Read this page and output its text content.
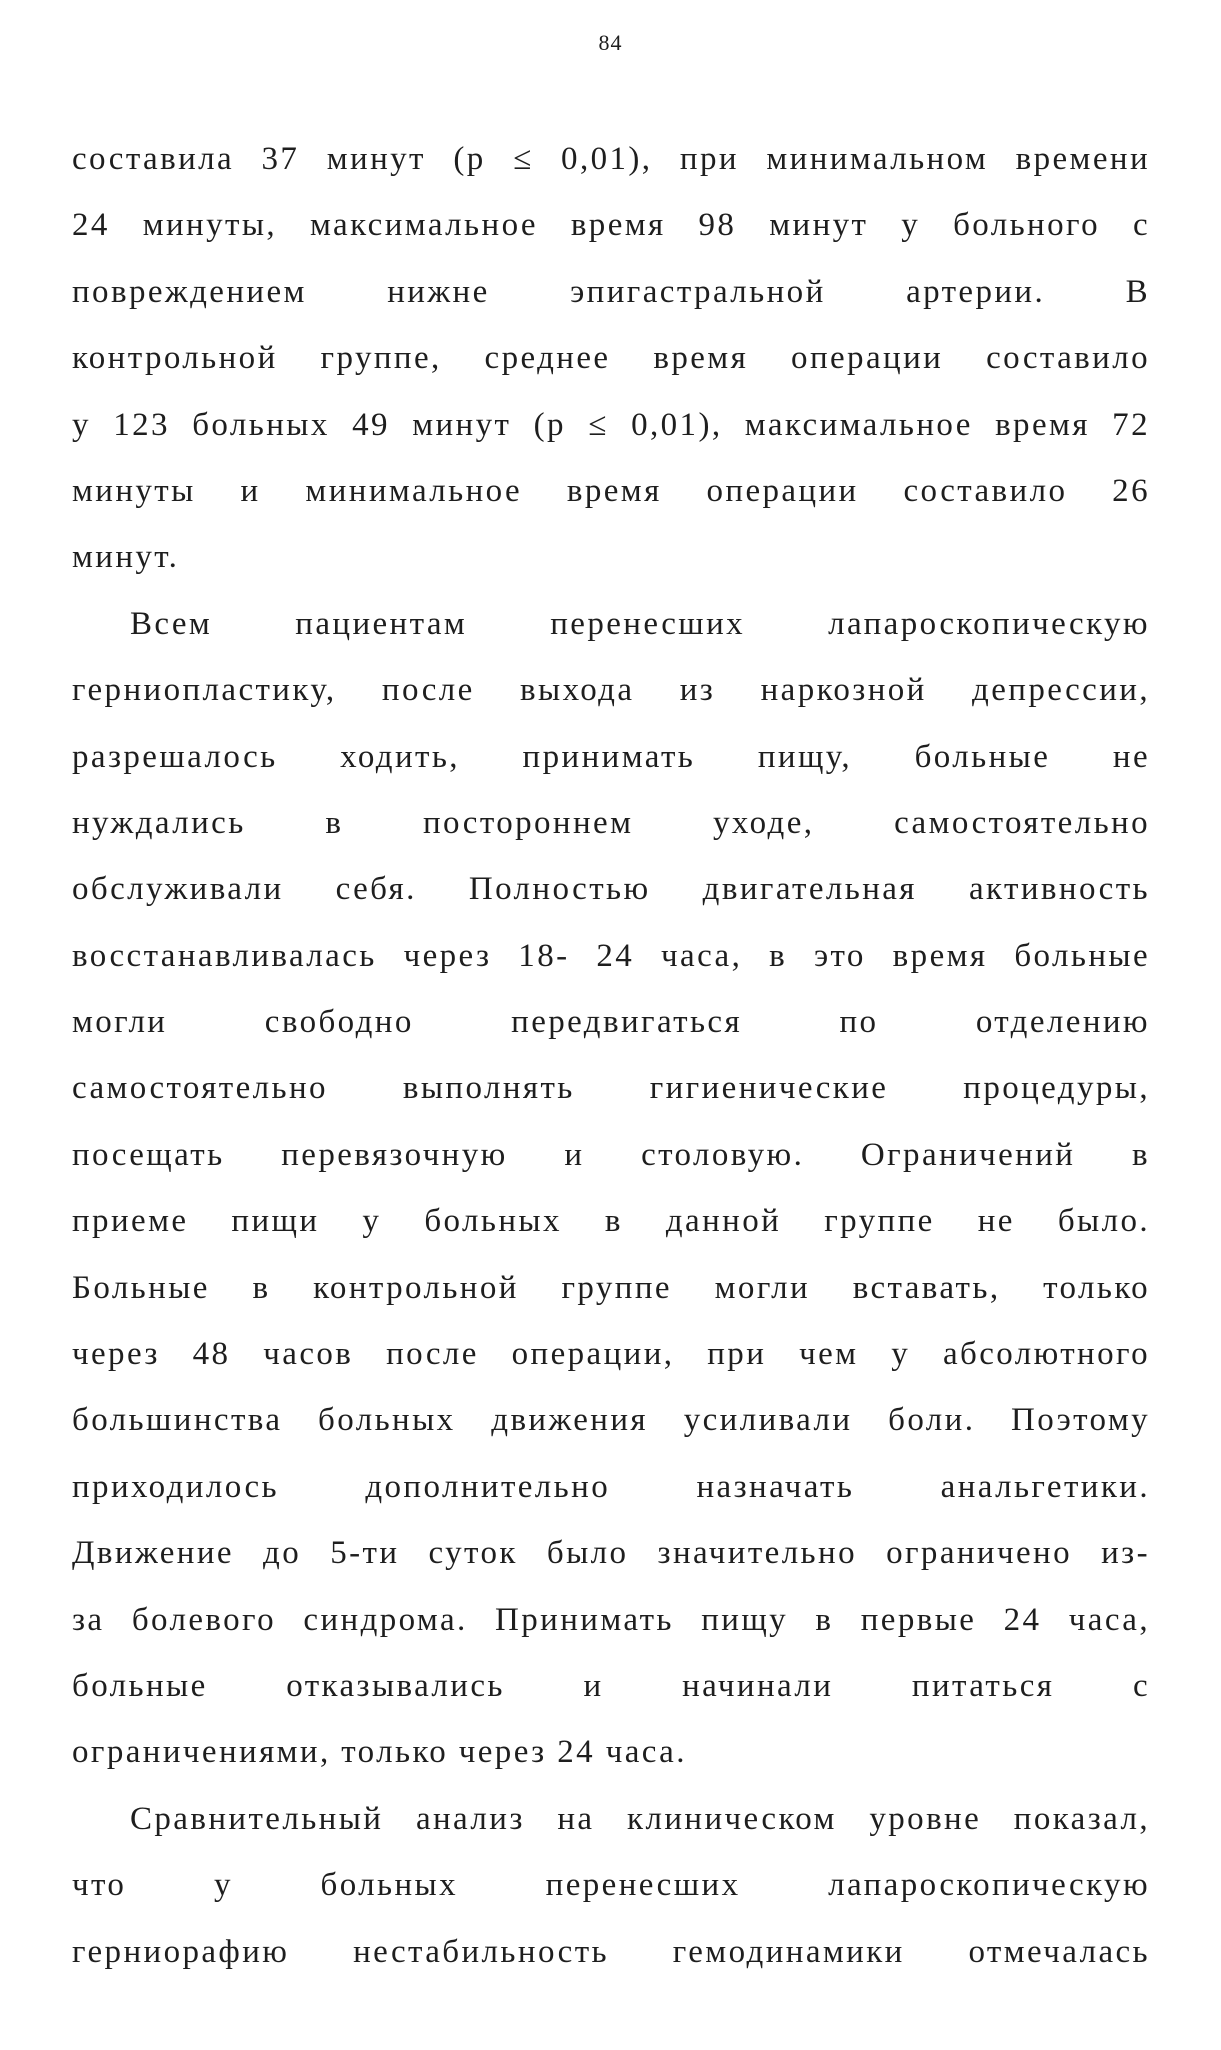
84
составила 37 минут (р ≤ 0,01), при минимальном времени
24 минуты, максимальное время 98 минут у больного с
повреждением нижне эпигастральной артерии. В
контрольной группе, среднее время операции составило
у 123 больных 49 минут (р ≤ 0,01), максимальное время 72
минуты и минимальное время операции составило 26
минут.
Всем пациентам перенесших лапароскопическую
герниопластику, после выхода из наркозной депрессии,
разрешалось ходить, принимать пищу, больные не
нуждались в постороннем уходе, самостоятельно
обслуживали себя. Полностью двигательная активность
восстанавливалась через 18- 24 часа, в это время больные
могли свободно передвигаться по отделению
самостоятельно выполнять гигиенические процедуры,
посещать перевязочную и столовую. Ограничений в
приеме пищи у больных в данной группе не было.
Больные в контрольной группе могли вставать, только
через 48 часов после операции, при чем у абсолютного
большинства больных движения усиливали боли. Поэтому
приходилось дополнительно назначать анальгетики.
Движение до 5-ти суток было значительно ограничено из-
за болевого синдрома. Принимать пищу в первые 24 часа,
больные отказывались и начинали питаться с
ограничениями, только через 24 часа.
Сравнительный анализ на клиническом уровне показал,
что у больных перенесших лапароскопическую
герниорафию нестабильность гемодинамики отмечалась
